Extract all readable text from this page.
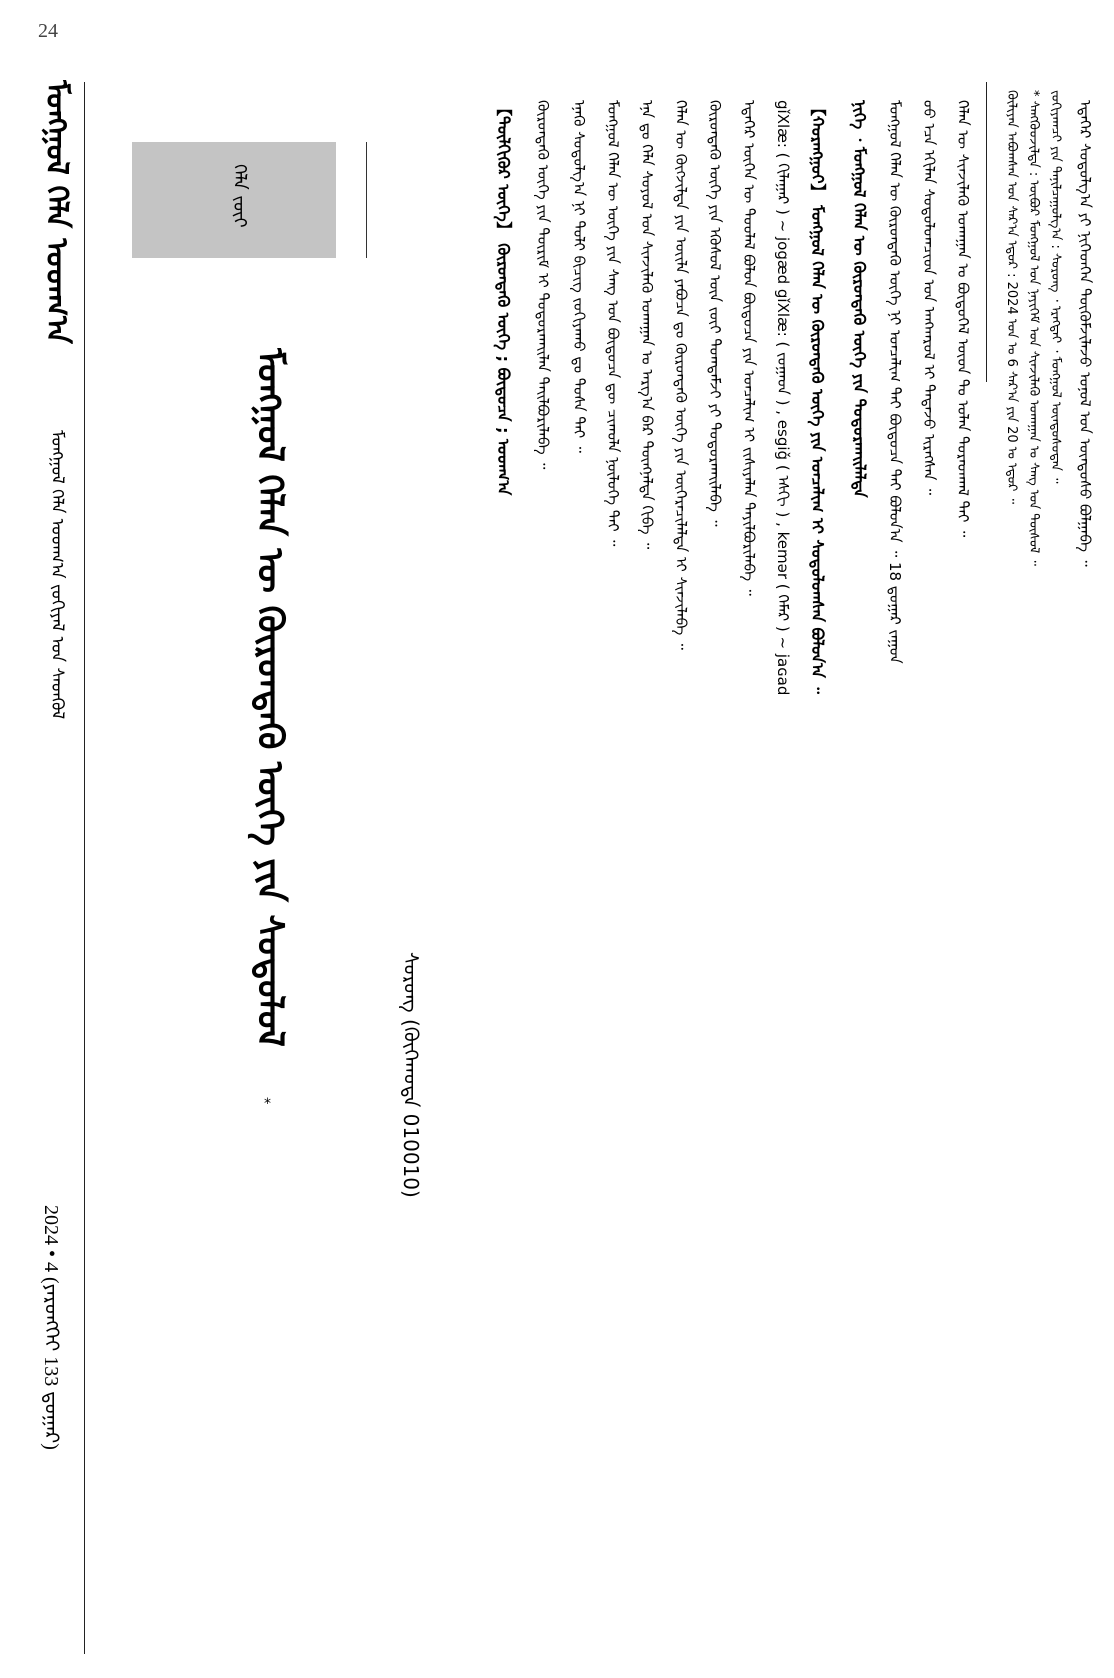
24
ᠮᠣᠩᠭᠣᠯ ᠬᠡᠯᠡ ᠤᠳᠬ᠎ᠠ
ᠮᠣᠩᠭᠣᠯ ᠬᠡᠯᠡ ᠤᠳᠬ᠎ᠠ ᠵᠣᠬᠢᠶᠠᠯ ᠤᠨ ᠰᠡᠳᠬᠦᠯ
2024 • 4 (ᠶᠡᠷᠦᠩᠬᠡᠢ 133 ᠳ᠋ᠤᠭᠠᠷ)
ᠬᠡᠯᠡ ᠵᠦᠢ
ᠮᠣᠩᠭᠣᠯ ᠬᠡᠯᠡᠨ ᠦ ᠬᠦᠷᠦᠨᠳᠡᠭᠦ ᠦᠭᠡ ᠶᠢᠨ ᠰᠤᠳᠤᠯᠤᠯ
*	ᠰᠤᠷᠤᠩ (ᠬᠥᠬᠡᠬᠣᠲᠠ 010010)
【ᠲᠦᠯᠬᠢᠭᠦᠷ ᠦᠭᠡ】 ᠬᠦᠷᠦᠨᠳᠡᠭᠦ ᠦᠭᠡ ; ᠪᠦᠲᠦᠴᠡ ; ᠤᠳᠬ᠎ᠠ ᠬᠦᠷᠦᠨᠳᠡᠭᠦ ᠦᠭᠡ ᠶᠢᠨ ᠳᠦᠷᠢᠮ ᠢ ᠲᠣᠳᠣᠷᠬᠠᠢᠯᠠᠨ ᠲᠠᠢᠯᠪᠤᠷᠢᠯᠠᠪᠠ ᠃ ᠡᠨᠡᠬᠦ ᠰᠤᠳᠤᠯᠭ᠎ᠠ ᠨᠢ ᠲᠣᠯᠢ ᠪᠢᠴᠢᠭ ᠵᠣᠬᠢᠶᠠᠬᠤ ᠳᠤ ᠲᠤᠰᠠ ᠲᠠᠢ ᠃ ᠮᠣᠩᠭᠣᠯ ᠬᠡᠯᠡᠨ ᠦ ᠦᠭᠡ ᠶᠢᠨ ᠰᠠᠩ ᠤᠨ ᠪᠦᠲᠦᠴᠡ ᠳᠦ ᠴᠢᠬᠤᠯᠠ ᠨᠥᠯᠦᠭᠡ ᠲᠡᠢ ᠃ ᠡᠨᠡ ᠳᠤ ᠬᠡᠯᠡ ᠰᠣᠶᠤᠯ ᠤᠨ ᠰᠢᠨᠵᠢᠯᠡᠬᠦ ᠤᠬᠠᠭᠠᠨ ᠤ ᠠᠷᠭ᠎ᠠ ᠪᠠᠷ ᠳᠦᠩᠨᠡᠯᠲᠡ ᠬᠢᠪᠡ ᠃ ᠬᠡᠯᠡᠨ ᠦ ᠬᠥᠭᠵᠢᠯᠲᠡ ᠶᠢᠨ ᠦᠢᠯᠡ ᠶᠠᠪᠤᠴᠠ ᠳᠤ ᠬᠦᠷᠦᠨᠳᠡᠭᠦ ᠦᠭᠡ ᠶᠢᠨ ᠥᠭᠡᠷᠡᠴᠢᠯᠡᠯᠲᠡ ᠢ ᠰᠢᠨᠵᠢᠯᠡᠪᠡ ᠃ ᠬᠦᠷᠦᠨᠳᠡᠭᠦ ᠦᠭᠡ ᠶᠢᠨ ᠡᠭᠦᠰᠦᠯ ᠦᠨ ᠵᠦᠢ ᠲᠣᠭᠲᠠᠮᠵᠢ ᠶᠢ ᠲᠣᠳᠤᠷᠬᠠᠢᠯᠠᠪᠠ ᠃ ᠡᠳᠡᠭᠡᠷ ᠦᠭᠡᠨ ᠦ ᠳᠤᠤᠯᠠᠯ ᠪᠣᠯᠤᠨ ᠪᠦᠲᠦᠴᠡ ᠶᠢᠨ ᠣᠨᠴᠠᠯᠢᠭ ᠢ ᠵᠢᠱᠢᠶᠡᠯᠡᠨ ᠲᠠᠶᠢᠯᠪᠤᠷᠢᠯᠠᠪᠠ ᠃ gǐXlæ: ( ᠭᠢᠯᠠᠭᠠᠷ ) ~ jogæd gǐXlæ: ( ᠵᠣᠭᠠᠳ ) , esgiǧ ( ᠡᠰᠭᠢ ) , kemər ( ᠬᠡᠮᠡᠷ ) ~ jaɢad 【ᠬᠤᠷᠠᠩᠭᠤᠢ】 ᠮᠣᠩᠭᠣᠯ ᠬᠡᠯᠡᠨ ᠦ ᠬᠦᠷᠦᠨᠳᠡᠭᠦ ᠦᠭᠡ ᠶᠢᠨ ᠣᠨᠴᠠᠯᠢᠭ ᠢ ᠰᠤᠳᠤᠯᠤᠭᠰᠠᠨ ᠪᠣᠯᠤᠨ᠎ᠠ ᠃ ᠨᠢᠭᠡ ᠂ ᠮᠣᠩᠭᠣᠯ ᠬᠡᠯᠡᠨ ᠦ ᠬᠦᠷᠦᠨᠳᠡᠭᠦ ᠦᠭᠡ ᠶᠢᠨ ᠲᠣᠳᠣᠷᠬᠠᠢᠯᠠᠯᠲᠠ ᠮᠣᠩᠭᠣᠯ ᠬᠡᠯᠡᠨ ᠦ ᠬᠦᠷᠦᠨᠳᠡᠭᠦ ᠦᠭᠡ ᠨᠢ ᠣᠨᠴᠠᠯᠢᠭ ᠲᠠᠢ ᠪᠦᠲᠦᠴᠡ ᠲᠡᠢ ᠪᠣᠯᠤᠨ᠎ᠠ ᠃ 18 ᠳ᠋ᠤᠭᠠᠷ ᠵᠠᠭᠤᠨ ᠤᠤ ᠡᠴᠡ ᠡᠬᠢᠯᠡᠨ ᠰᠤᠳᠤᠯᠤᠭᠴᠢᠳ ᠤᠨ ᠠᠩᠬᠠᠷᠤᠯ ᠢ ᠲᠠᠲᠠᠵᠤ ᠢᠷᠡᠭᠰᠡᠨ ᠃ ᠬᠡᠯᠡᠨ ᠦ ᠰᠢᠨᠵᠢᠯᠡᠬᠦ ᠤᠬᠠᠭᠠᠨ ᠤ ᠪᠦᠲᠦᠭᠡᠯ ᠦᠳ ᠲᠤ ᠣᠯᠠᠨ ᠳᠤᠷᠠᠳᠬᠠᠯ ᠲᠠᠢ ᠃	ᠡᠳᠡᠭᠡᠷ ᠰᠤᠳᠤᠯᠭ᠎ᠠ ᠶᠢ ᠨᠢᠭᠡᠳᠬᠡᠨ ᠳᠦᠭᠦᠮᠵᠢᠯᠡᠵᠦ ᠣᠨᠣᠯ ᠤᠨ ᠦᠨᠳᠦᠰᠦ ᠪᠣᠯᠭᠠᠪᠠ ᠃
ᠬᠦᠯᠢᠶᠡᠨ ᠠᠪᠤᠭᠰᠠᠨ ᠣᠨ ᠰᠠᠷ᠎ᠠ ᠡᠳᠦᠷ : 2024 ᠣᠨ ᠤ 6 ᠰᠠᠷ᠎ᠠ ᠶᠢᠨ 20 ᠤ ᠡᠳᠦᠷ ᠃ * ᠰᠠᠩᠬᠦᠦᠵᠢᠯᠲᠡ : ᠥᠪᠦᠷ ᠮᠣᠩᠭᠣᠯ ᠤᠨ ᠨᠡᠶᠢᠭᠡᠮ ᠤᠨ ᠰᠢᠨᠵᠢᠯᠡᠬᠦ ᠤᠬᠠᠭᠠᠨ ᠤ ᠰᠠᠩ ᠤᠨ ᠲᠥᠰᠦᠯ ᠃ ᠵᠣᠬᠢᠶᠠᠭᠴᠢ ᠶᠢᠨ ᠲᠠᠨᠢᠯᠴᠠᠭᠤᠯᠭ᠎ᠠ : ᠰᠤᠷᠤᠩ ᠂ ᠡᠷᠡᠭᠲᠡᠢ ᠂ ᠮᠣᠩᠭᠣᠯ ᠦᠨᠳᠦᠰᠦᠲᠡᠨ ᠃
